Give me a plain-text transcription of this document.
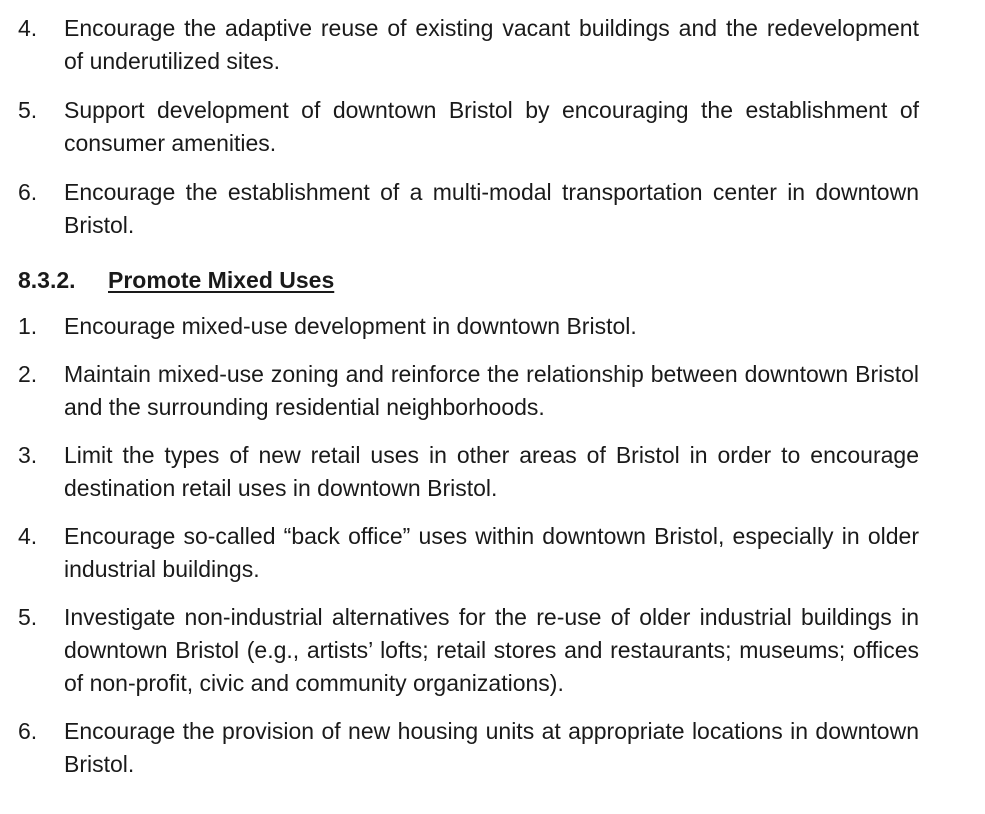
4.	Encourage the adaptive reuse of existing vacant buildings and the redevelopment of underutilized sites.
5.	Support development of downtown Bristol by encouraging the establishment of consumer amenities.
6.	Encourage the establishment of a multi-modal transportation center in downtown Bristol.
8.3.2.	Promote Mixed Uses
1.	Encourage mixed-use development in downtown Bristol.
2.	Maintain mixed-use zoning and reinforce the relationship between downtown Bristol and the surrounding residential neighborhoods.
3.	Limit the types of new retail uses in other areas of Bristol in order to encourage destination retail uses in downtown Bristol.
4.	Encourage so-called “back office” uses within downtown Bristol, especially in older industrial buildings.
5.	Investigate non-industrial alternatives for the re-use of older industrial buildings in downtown Bristol (e.g., artists’ lofts; retail stores and restaurants; museums; offices of non-profit, civic and community organizations).
6.	Encourage the provision of new housing units at appropriate locations in downtown Bristol.
